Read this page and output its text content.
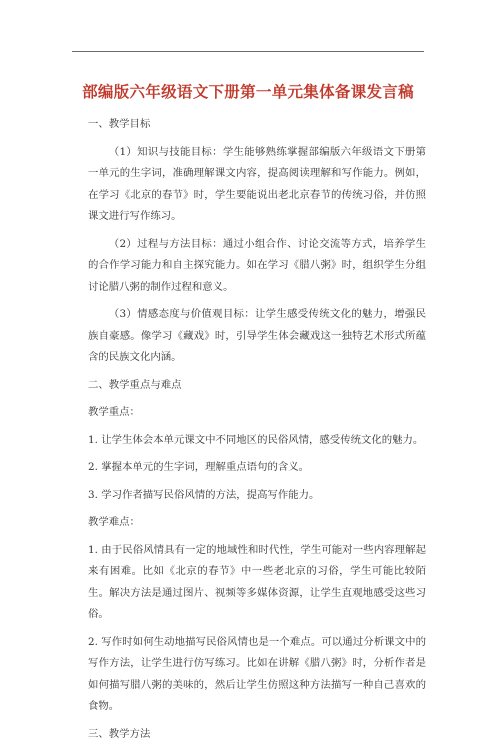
部编版六年级语文下册第一单元集体备课发言稿

一、教学目标

（1）知识与技能目标：学生能够熟练掌握部编版六年级语文下册第一单元的生字词，准确理解课文内容，提高阅读理解和写作能力。例如，在学习《北京的春节》时，学生要能说出老北京春节的传统习俗，并仿照课文进行写作练习。

（2）过程与方法目标：通过小组合作、讨论交流等方式，培养学生的合作学习能力和自主探究能力。如在学习《腊八粥》时，组织学生分组讨论腊八粥的制作过程和意义。

（3）情感态度与价值观目标：让学生感受传统文化的魅力，增强民族自豪感。像学习《藏戏》时，引导学生体会藏戏这一独特艺术形式所蕴含的民族文化内涵。

二、教学重点与难点

教学重点：

1. 让学生体会本单元课文中不同地区的民俗风情，感受传统文化的魅力。

2. 掌握本单元的生字词，理解重点语句的含义。

3. 学习作者描写民俗风情的方法，提高写作能力。

教学难点：

1. 由于民俗风情具有一定的地域性和时代性，学生可能对一些内容理解起来有困难。比如《北京的春节》中一些老北京的习俗，学生可能比较陌生。解决方法是通过图片、视频等多媒体资源，让学生直观地感受这些习俗。

2. 写作时如何生动地描写民俗风情也是一个难点。可以通过分析课文中的写作方法，让学生进行仿写练习。比如在讲解《腊八粥》时，分析作者是如何描写腊八粥的美味的，然后让学生仿照这种方法描写一种自己喜欢的食物。

三、教学方法
